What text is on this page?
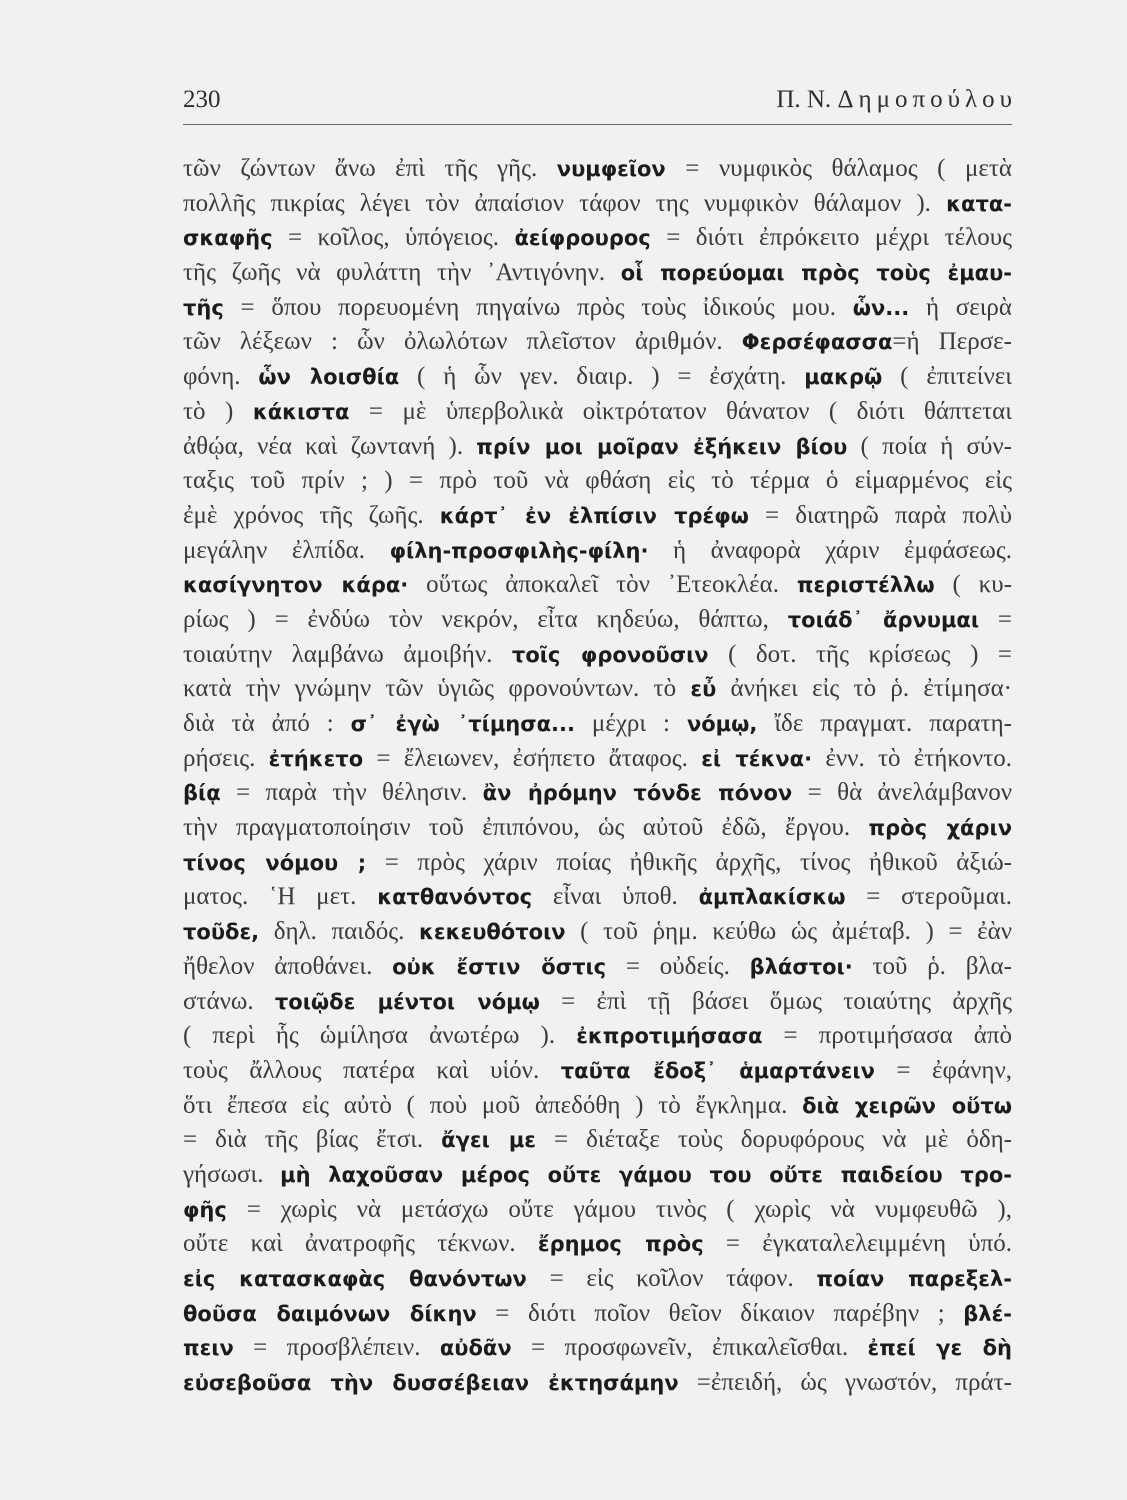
230	Π. Ν. Δημοπούλου
τῶν ζώντων ἄνω ἐπὶ τῆς γῆς. νυμφεῖον = νυμφικὸς θάλαμος ( μετὰ
πολλῆς πικρίας λέγει τὸν ἀπαίσιον τάφον της νυμφικὸν θάλαμον ). κατα-
σκαφῆς = κοῖλος, ὑπόγειος. ἀείφρουρος = διότι ἐπρόκειτο μέχρι τέλους
τῆς ζωῆς νὰ φυλάττη τὴν ᾿Αντιγόνην. οἷ πορεύομαι πρὸς τοὺς ἐμαυ-
τῆς = ὅπου πορευομένη πηγαίνω πρὸς τοὺς ἰδικούς μου. ὧν... ἡ σειρὰ
τῶν λέξεων : ὧν ὀλωλότων πλεῖστον ἀριθμόν. Φερσέφασσα=ἡ Περσε-
φόνη. ὧν λοισθία ( ἡ ὧν γεν. διαιρ. ) = ἐσχάτη. μακρῷ ( ἐπιτείνει
τὸ ) κάκιστα = μὲ ὑπερβολικὰ οἰκτρότατον θάνατον ( διότι θάπτεται
ἀθῴα, νέα καὶ ζωντανή ). πρίν μοι μοῖραν ἐξήκειν βίου ( ποία ἡ σύν-
ταξις τοῦ πρίν ; ) = πρὸ τοῦ νὰ φθάση εἰς τὸ τέρμα ὁ εἱμαρμένος εἰς
ἐμὲ χρόνος τῆς ζωῆς. κάρτ᾿ ἐν ἐλπίσιν τρέφω = διατηρῶ παρὰ πολὺ
μεγάλην ἐλπίδα. φίλη-προσφιλὴς-φίλη· ἡ ἀναφορὰ χάριν ἐμφάσεως.
κασίγνητον κάρα· οὕτως ἀποκαλεῖ τὸν ᾿Ετεοκλέα. περιστέλλω ( κυ-
ρίως ) = ἐνδύω τὸν νεκρόν, εἶτα κηδεύω, θάπτω, τοιάδ᾿ ἄρνυμαι =
τοιαύτην λαμβάνω ἀμοιβήν. τοῖς φρονοῦσιν ( δοτ. τῆς κρίσεως ) =
κατὰ τὴν γνώμην τῶν ὑγιῶς φρονούντων. τὸ εὖ ἀνήκει εἰς τὸ ῥ. ἐτίμησα·
διὰ τὰ ἀπό : σ᾿ ἐγὼ ᾿τίμησα... μέχρι : νόμῳ, ἴδε πραγματ. παρατη-
ρήσεις. ἐτήκετο = ἔλειωνεν, ἐσήπετο ἄταφος. εἰ τέκνα· ἐνν. τὸ ἐτήκοντο.
βίᾳ = παρὰ τὴν θέλησιν. ἂν ἠρόμην τόνδε πόνον = θὰ ἀνελάμβανον
τὴν πραγματοποίησιν τοῦ ἐπιπόνου, ὡς αὐτοῦ ἐδῶ, ἔργου. πρὸς χάριν
τίνος νόμου ; = πρὸς χάριν ποίας ἠθικῆς ἀρχῆς, τίνος ἠθικοῦ ἀξιώ-
ματος. ῾Η μετ. κατθανόντος εἶναι ὑποθ. ἀμπλακίσκω = στεροῦμαι.
τοῦδε, δηλ. παιδός. κεκευθότοιν ( τοῦ ῥημ. κεύθω ὡς ἀμέταβ. ) = ἐὰν
ἤθελον ἀποθάνει. οὐκ ἔστιν ὅστις = οὐδείς. βλάστοι· τοῦ ῥ. βλα-
στάνω. τοιῷδε μέντοι νόμῳ = ἐπὶ τῇ βάσει ὅμως τοιαύτης ἀρχῆς
( περὶ ἧς ὡμίλησα ἀνωτέρω ). ἐκπροτιμήσασα = προτιμήσασα ἀπὸ
τοὺς ἄλλους πατέρα καὶ υἱόν. ταῦτα ἔδοξ᾿ ἁμαρτάνειν = ἐφάνην,
ὅτι ἔπεσα εἰς αὐτὸ ( ποὺ μοῦ ἀπεδόθη ) τὸ ἔγκλημα. διὰ χειρῶν οὕτω
= διὰ τῆς βίας ἔτσι. ἄγει με = διέταξε τοὺς δορυφόρους νὰ μὲ ὁδη-
γήσωσι. μὴ λαχοῦσαν μέρος οὔτε γάμου του οὔτε παιδείου τρο-
φῆς = χωρὶς νὰ μετάσχω οὔτε γάμου τινὸς ( χωρὶς νὰ νυμφευθῶ ),
οὔτε καὶ ἀνατροφῆς τέκνων. ἔρημος πρὸς = ἐγκαταλελειμμένη ὑπό.
εἰς κατασκαφὰς θανόντων = εἰς κοῖλον τάφον. ποίαν παρεξελ-
θοῦσα δαιμόνων δίκην = διότι ποῖον θεῖον δίκαιον παρέβην ; βλέ-
πειν = προσβλέπειν. αὐδᾶν = προσφωνεῖν, ἐπικαλεῖσθαι. ἐπεί γε δὴ
εὐσεβοῦσα τὴν δυσσέβειαν ἐκτησάμην =ἐπειδή, ὡς γνωστόν, πράτ-
